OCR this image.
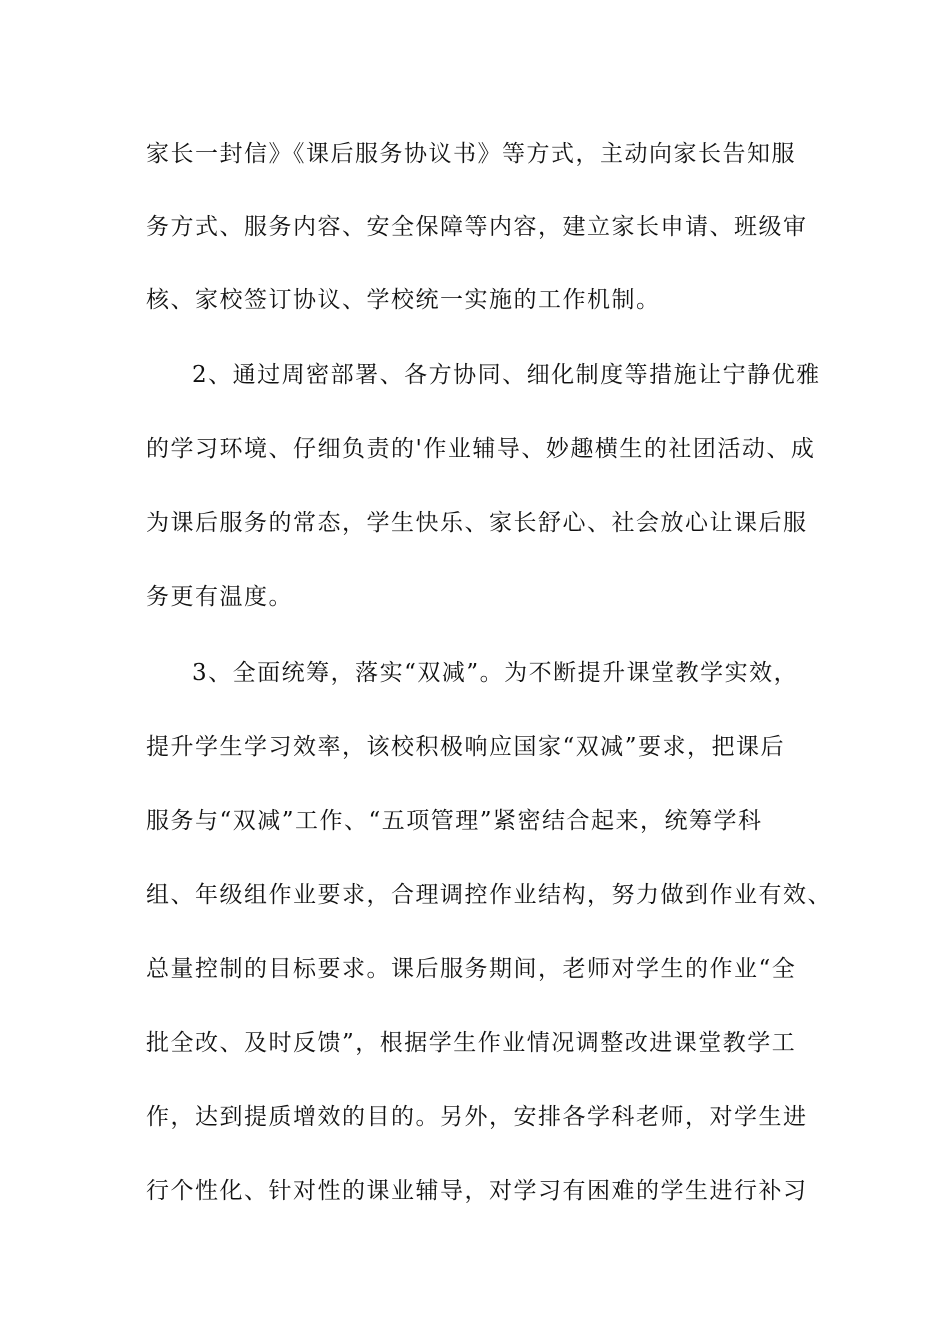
家长一封信》《课后服务协议书》等方式，主动向家长告知服
务方式、服务内容、安全保障等内容，建立家长申请、班级审
核、家校签订协议、学校统一实施的工作机制。
2、通过周密部署、各方协同、细化制度等措施让宁静优雅
的学习环境、仔细负责的'作业辅导、妙趣横生的社团活动、成
为课后服务的常态，学生快乐、家长舒心、社会放心让课后服
务更有温度。
3、全面统筹，落实“双减”。为不断提升课堂教学实效，
提升学生学习效率，该校积极响应国家“双减”要求，把课后
服务与“双减”工作、“五项管理”紧密结合起来，统筹学科
组、年级组作业要求，合理调控作业结构，努力做到作业有效、
总量控制的目标要求。课后服务期间，老师对学生的作业“全
批全改、及时反馈”，根据学生作业情况调整改进课堂教学工
作，达到提质增效的目的。另外，安排各学科老师，对学生进
行个性化、针对性的课业辅导，对学习有困难的学生进行补习
